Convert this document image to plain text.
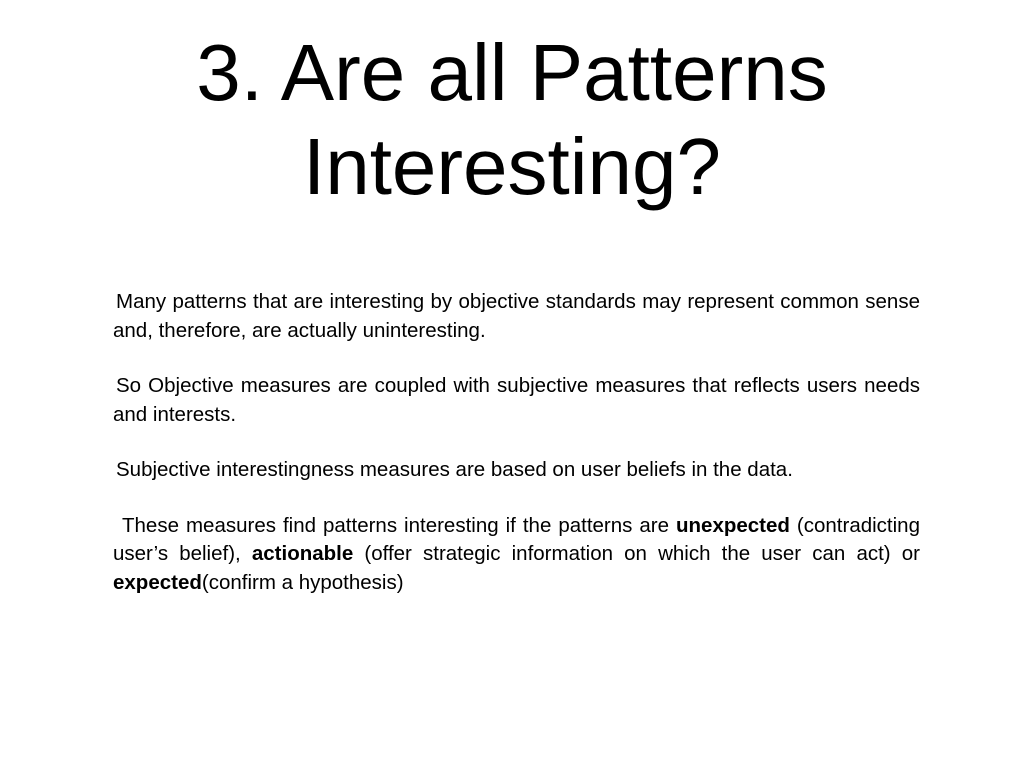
3. Are all Patterns
Interesting?

Many patterns that are interesting by objective standards may represent common sense and, therefore, are actually uninteresting.

So Objective measures are coupled with subjective measures that reflects users needs and interests.

Subjective interestingness measures are based on user beliefs in the data.

These measures find patterns interesting if the patterns are unexpected (contradicting user’s belief), actionable (offer strategic information on which the user can act) or expected(confirm a hypothesis)
